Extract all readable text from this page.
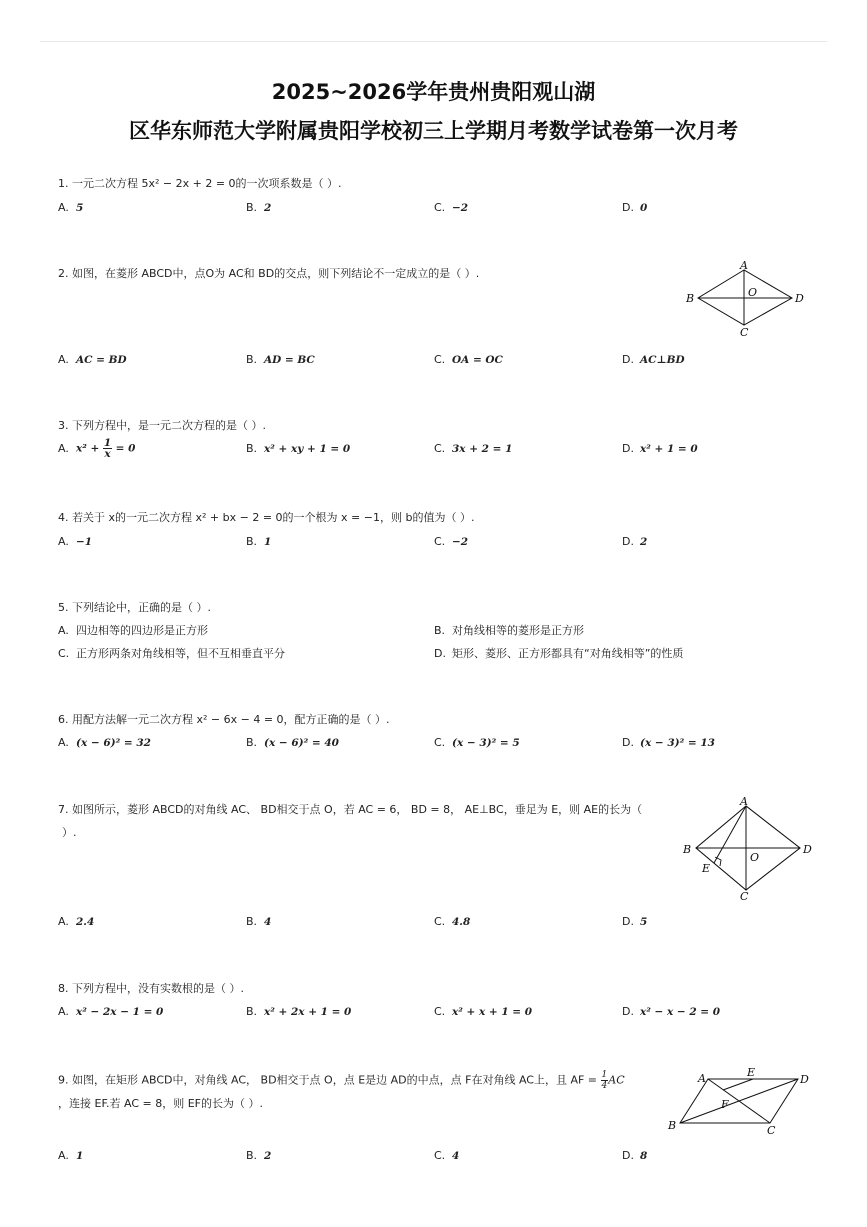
2025~2026学年贵州贵阳观山湖
区华东师范大学附属贵阳学校初三上学期月考数学试卷第一次月考
1. 一元二次方程 5x² − 2x + 2 = 0的一次项系数是（ ）.
A. 5	B. 2	C. −2	D. 0
2. 如图，在菱形 ABCD中，点O为 AC和 BD的交点，则下列结论不一定成立的是（ ）.
A
B
C
D
O
A. AC = BD	B. AD = BC	C. OA = OC	D. AC⊥BD
3. 下列方程中，是一元二次方程的是（ ）.
A. $x^2 + \frac{1}{x} = 0$	B. x² + xy + 1 = 0	C. 3x + 2 = 1	D. x² + 1 = 0
4. 若关于 x的一元二次方程 x² + bx − 2 = 0的一个根为 x = −1，则 b的值为（ ）.
A. −1	B. 1	C. −2	D. 2
5. 下列结论中，正确的是（ ）.
A. 四边相等的四边形是正方形	B. 对角线相等的菱形是正方形
C. 正方形两条对角线相等，但不互相垂直平分	D. 矩形、菱形、正方形都具有“对角线相等”的性质
6. 用配方法解一元二次方程 x² − 6x − 4 = 0，配方正确的是（ ）.
A. (x − 6)² = 32	B. (x − 6)² = 40	C. (x − 3)² = 5	D. (x − 3)² = 13
7. 如图所示，菱形 ABCD的对角线 AC、 BD相交于点 O，若 AC = 6， BD = 8， AE⊥BC，垂足为 E，则 AE的长为（
）.
A
B
C
D
O
E
A. 2.4	B. 4	C. 4.8	D. 5
8. 下列方程中，没有实数根的是（ ）.
A. x² − 2x − 1 = 0	B. x² + 2x + 1 = 0	C. x² + x + 1 = 0	D. x² − x − 2 = 0
9. 如图，在矩形 ABCD中，对角线 AC， BD相交于点 O，点 E是边 AD的中点，点 F在对角线 AC上，且 AF = $\frac{1}{4}$ AC
，连接 EF.若 AC = 8，则 EF的长为（ ）.
A
B	C
D
E
F
A. 1	B. 2	C. 4	D. 8
